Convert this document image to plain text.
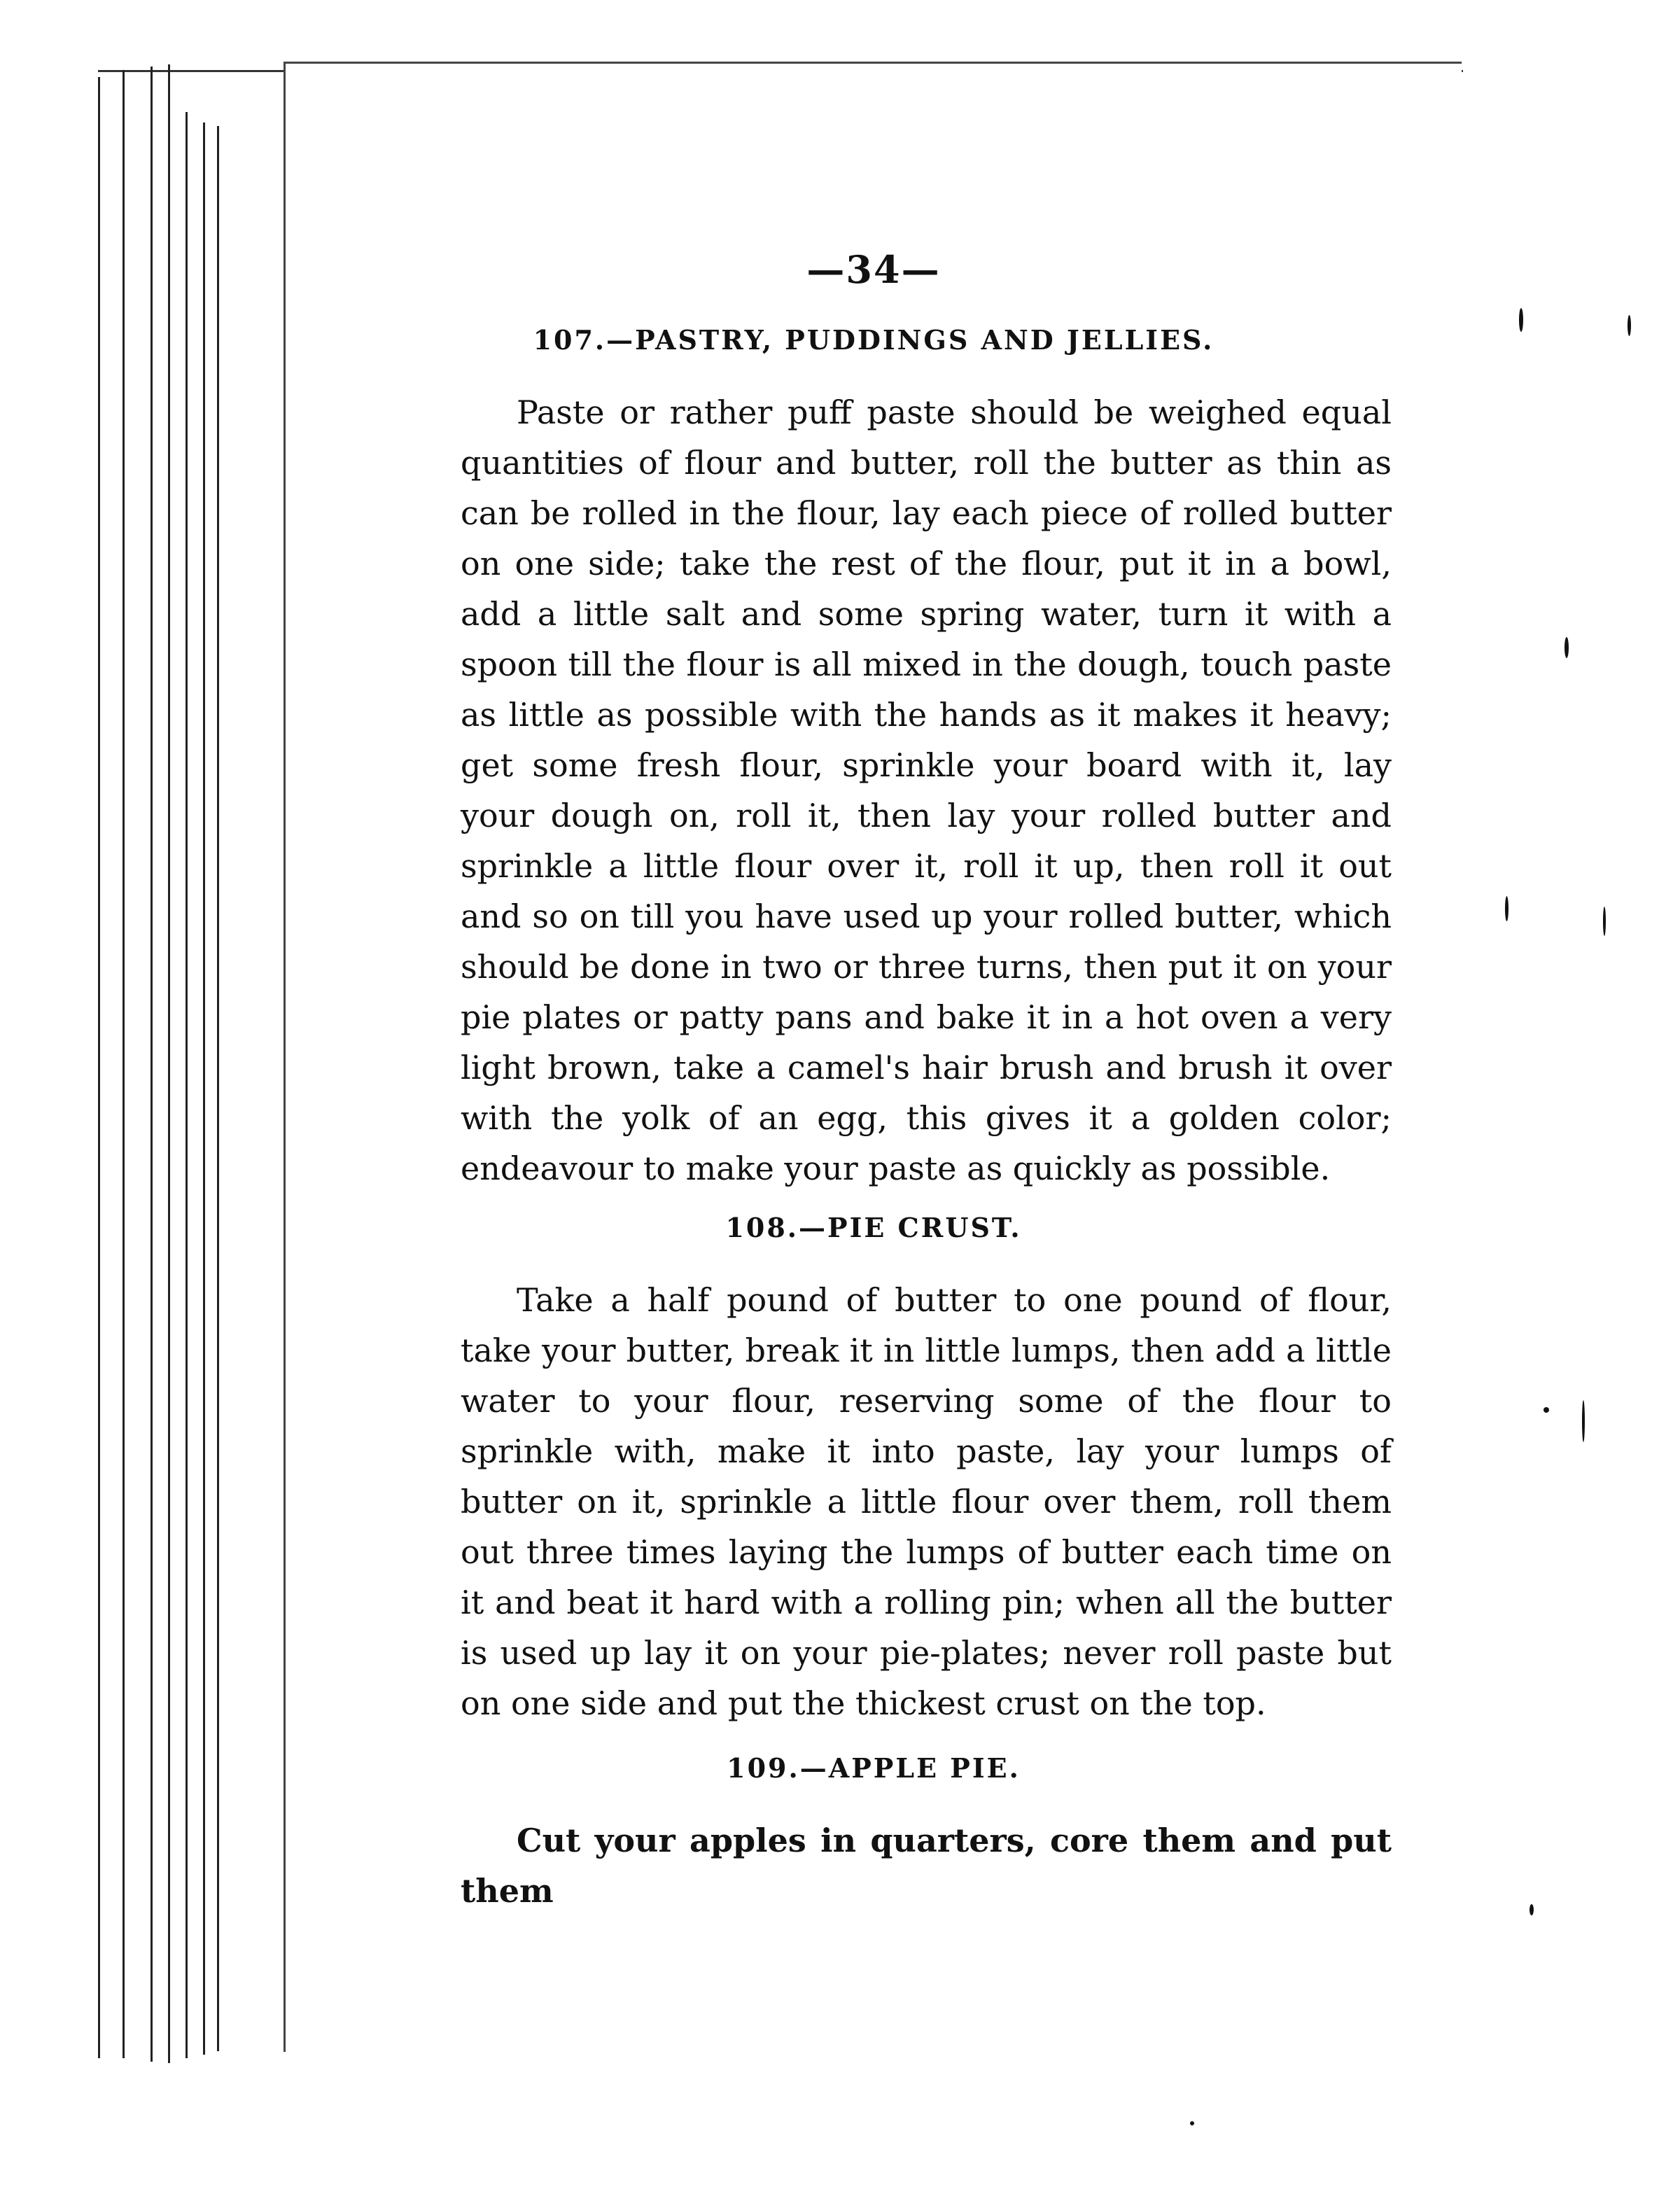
—34—
107.—PASTRY, PUDDINGS AND JELLIES.

Paste or rather puff paste should be weighed equal quantities of flour and butter, roll the butter as thin as can be rolled in the flour, lay each piece of rolled butter on one side; take the rest of the flour, put it in a bowl, add a little salt and some spring water, turn it with a spoon till the flour is all mixed in the dough, touch paste as little as possible with the hands as it makes it heavy; get some fresh flour, sprinkle your board with it, lay your dough on, roll it, then lay your rolled butter and sprinkle a little flour over it, roll it up, then roll it out and so on till you have used up your rolled butter, which should be done in two or three turns, then put it on your pie plates or patty pans and bake it in a hot oven a very light brown, take a camel's hair brush and brush it over with the yolk of an egg, this gives it a golden color; endeavour to make your paste as quickly as possible.

108.—PIE CRUST.

Take a half pound of butter to one pound of flour, take your butter, break it in little lumps, then add a little water to your flour, reserving some of the flour to sprinkle with, make it into paste, lay your lumps of butter on it, sprinkle a little flour over them, roll them out three times laying the lumps of butter each time on it and beat it hard with a rolling pin; when all the butter is used up lay it on your pie-plates; never roll paste but on one side and put the thickest crust on the top.

109.—APPLE PIE.

Cut your apples in quarters, core them and put them
